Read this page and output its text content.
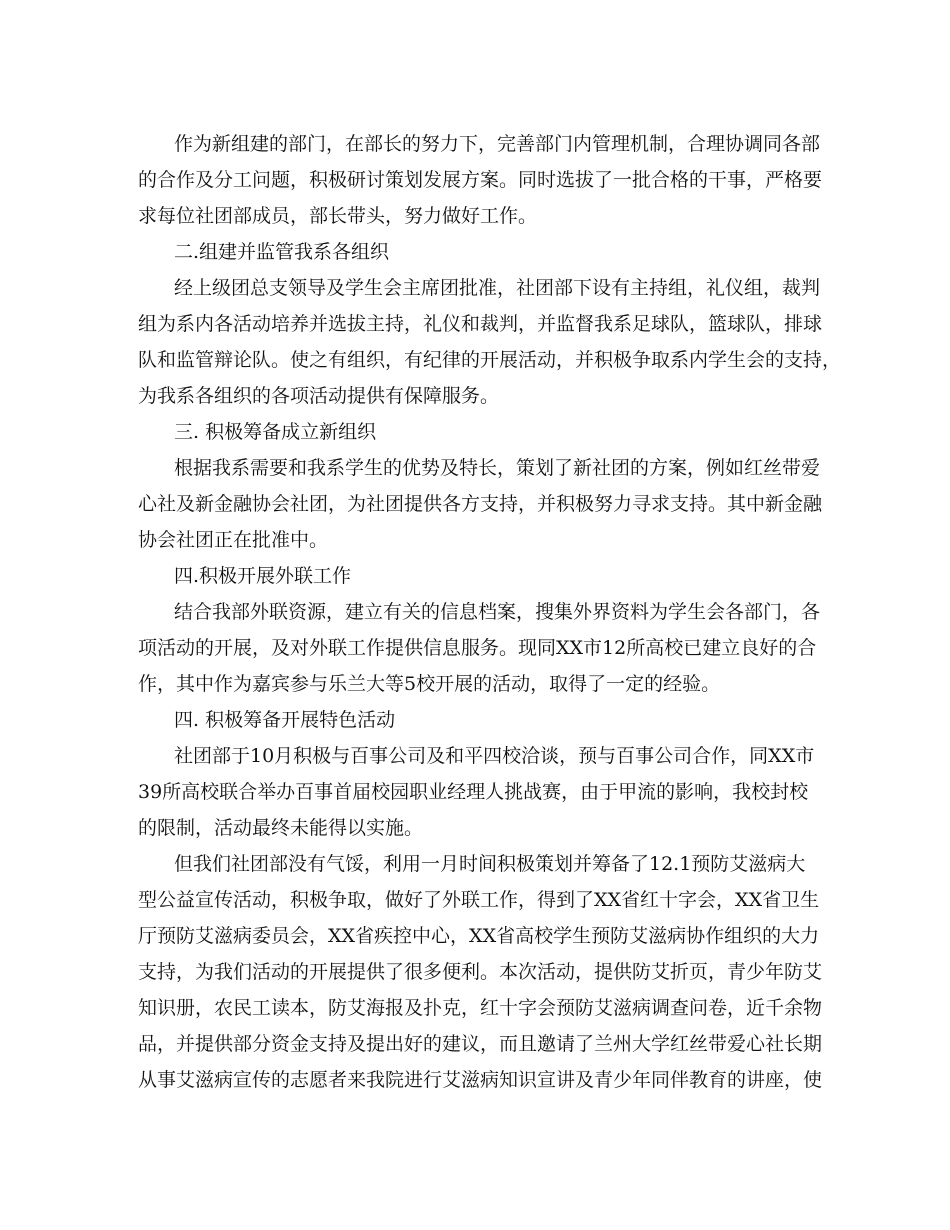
作为新组建的部门，在部长的努力下，完善部门内管理机制，合理协调同各部
的合作及分工问题，积极研讨策划发展方案。同时选拔了一批合格的干事，严格要
求每位社团部成员，部长带头，努力做好工作。
二.组建并监管我系各组织
经上级团总支领导及学生会主席团批准，社团部下设有主持组，礼仪组，裁判
组为系内各活动培养并选拔主持，礼仪和裁判，并监督我系足球队，篮球队，排球
队和监管辩论队。使之有组织，有纪律的开展活动，并积极争取系内学生会的支持，
为我系各组织的各项活动提供有保障服务。
三. 积极筹备成立新组织
根据我系需要和我系学生的优势及特长，策划了新社团的方案，例如红丝带爱
心社及新金融协会社团，为社团提供各方支持，并积极努力寻求支持。其中新金融
协会社团正在批准中。
四.积极开展外联工作
结合我部外联资源，建立有关的信息档案，搜集外界资料为学生会各部门，各
项活动的开展，及对外联工作提供信息服务。现同XX市12所高校已建立良好的合
作，其中作为嘉宾参与乐兰大等5校开展的活动，取得了一定的经验。
四. 积极筹备开展特色活动
社团部于10月积极与百事公司及和平四校洽谈，预与百事公司合作，同XX市
39所高校联合举办百事首届校园职业经理人挑战赛，由于甲流的影响，我校封校
的限制，活动最终未能得以实施。
但我们社团部没有气馁，利用一月时间积极策划并筹备了12.1预防艾滋病大
型公益宣传活动，积极争取，做好了外联工作，得到了XX省红十字会，XX省卫生
厅预防艾滋病委员会，XX省疾控中心，XX省高校学生预防艾滋病协作组织的大力
支持，为我们活动的开展提供了很多便利。本次活动，提供防艾折页，青少年防艾
知识册，农民工读本，防艾海报及扑克，红十字会预防艾滋病调查问卷，近千余物
品，并提供部分资金支持及提出好的建议，而且邀请了兰州大学红丝带爱心社长期
从事艾滋病宣传的志愿者来我院进行艾滋病知识宣讲及青少年同伴教育的讲座，使
